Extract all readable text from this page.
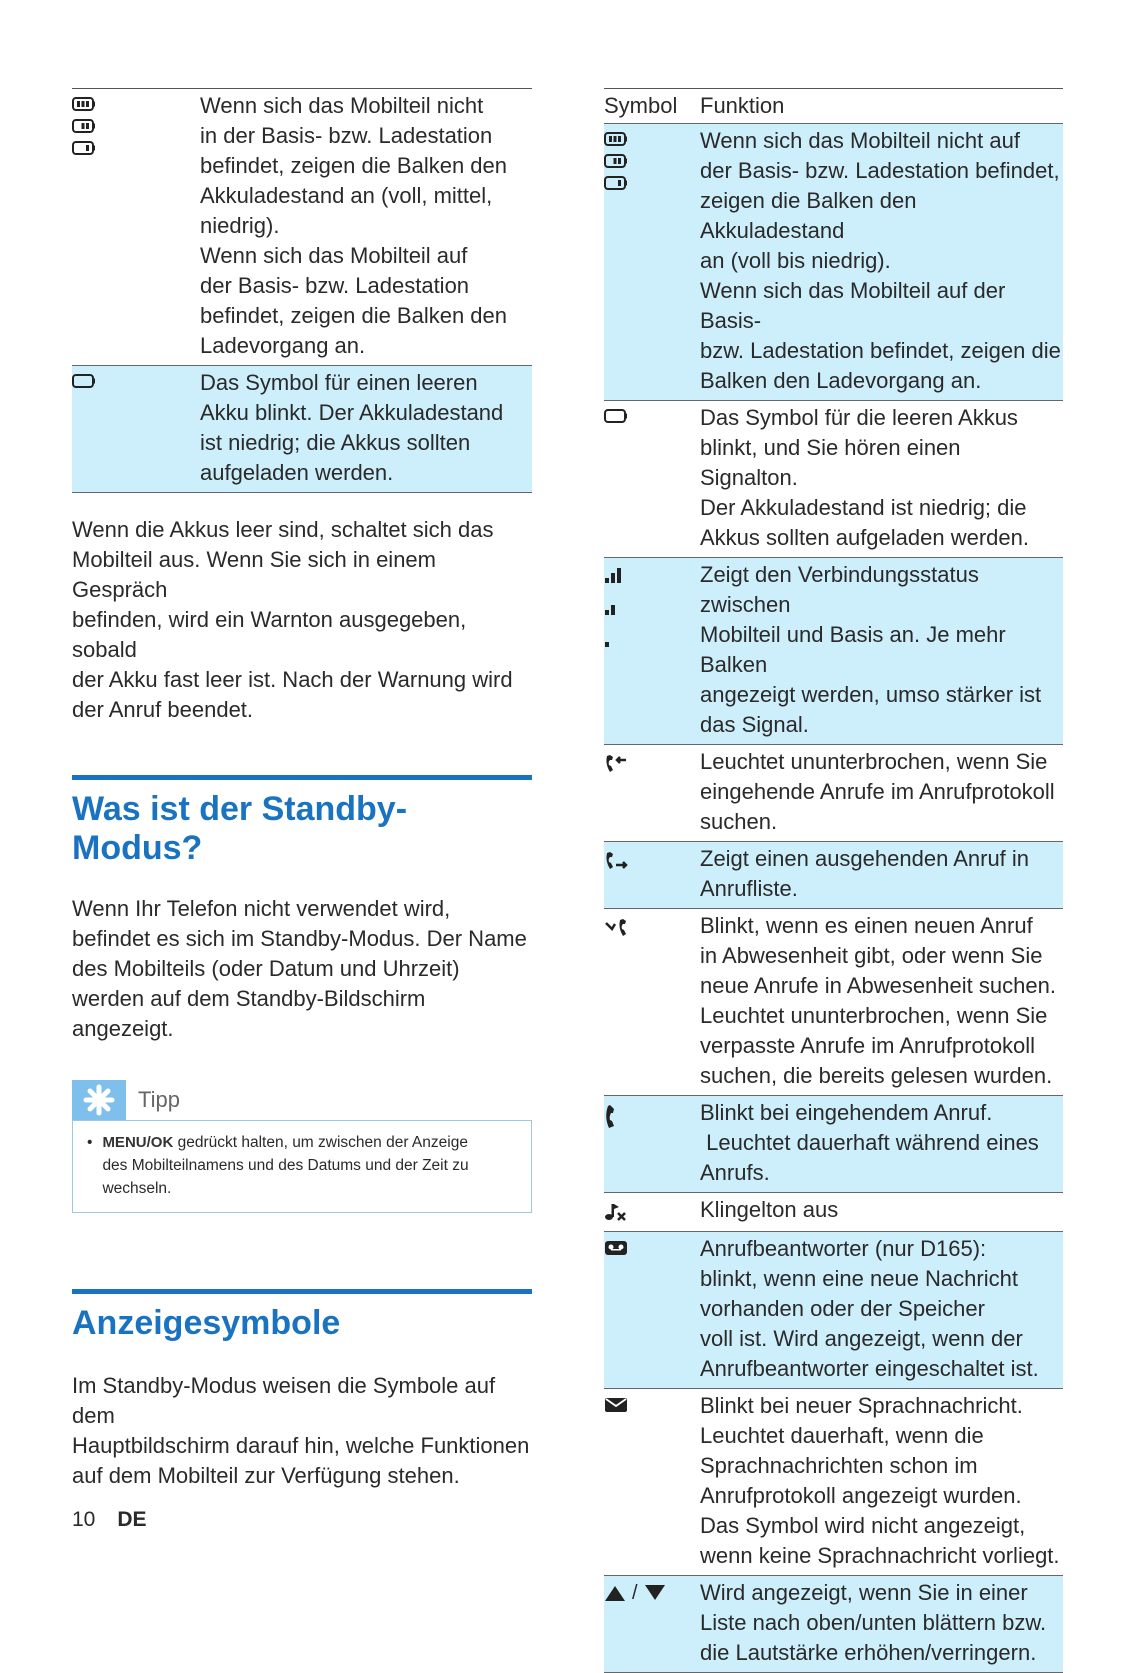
Wenn sich das Mobilteil nicht
in der Basis- bzw. Ladestation
befindet, zeigen die Balken den
Akkuladestand an (voll, mittel,
niedrig).
Wenn sich das Mobilteil auf
der Basis- bzw. Ladestation
befindet, zeigen die Balken den
Ladevorgang an.
Das Symbol für einen leeren
Akku blinkt. Der Akkuladestand
ist niedrig; die Akkus sollten
aufgeladen werden.

Wenn die Akkus leer sind, schaltet sich das

Mobilteil aus. Wenn Sie sich in einem Gespräch

befinden, wird ein Warnton ausgegeben, sobald

der Akku fast leer ist. Nach der Warnung wird

der Anruf beendet.

Was ist der Standby-Modus?

Wenn Ihr Telefon nicht verwendet wird,

befindet es sich im Standby-Modus. Der Name

des Mobilteils (oder Datum und Uhrzeit)

werden auf dem Standby-Bildschirm angezeigt.

Tipp
• MENU/OK gedrückt halten, um zwischen der Anzeige
des Mobilteilnamens und des Datums und der Zeit zu
wechseln.
Anzeigesymbole

Im Standby-Modus weisen die Symbole auf dem

Hauptbildschirm darauf hin, welche Funktionen

auf dem Mobilteil zur Verfügung stehen.

Symbol	Funktion
Wenn sich das Mobilteil nicht auf
der Basis- bzw. Ladestation befindet,
zeigen die Balken den Akkuladestand
an (voll bis niedrig).
Wenn sich das Mobilteil auf der Basis-
bzw. Ladestation befindet, zeigen die
Balken den Ladevorgang an.
Das Symbol für die leeren Akkus
blinkt, und Sie hören einen Signalton.
Der Akkuladestand ist niedrig; die
Akkus sollten aufgeladen werden.
Zeigt den Verbindungsstatus zwischen
Mobilteil und Basis an. Je mehr Balken
angezeigt werden, umso stärker ist
das Signal.
Leuchtet ununterbrochen, wenn Sie
eingehende Anrufe im Anrufprotokoll
suchen.
Zeigt einen ausgehenden Anruf in
Anrufliste.
Blinkt, wenn es einen neuen Anruf
in Abwesenheit gibt, oder wenn Sie
neue Anrufe in Abwesenheit suchen.
Leuchtet ununterbrochen, wenn Sie
verpasste Anrufe im Anrufprotokoll
suchen, die bereits gelesen wurden.
Blinkt bei eingehendem Anruf.
Leuchtet dauerhaft während eines
Anrufs.
Klingelton aus
Anrufbeantworter (nur D165):
blinkt, wenn eine neue Nachricht
vorhanden oder der Speicher
voll ist. Wird angezeigt, wenn der
Anrufbeantworter eingeschaltet ist.
Blinkt bei neuer Sprachnachricht.
Leuchtet dauerhaft, wenn die
Sprachnachrichten schon im
Anrufprotokoll angezeigt wurden.
Das Symbol wird nicht angezeigt,
wenn keine Sprachnachricht vorliegt.
/	Wird angezeigt, wenn Sie in einer
Liste nach oben/unten blättern bzw.
die Lautstärke erhöhen/verringern.
10 DE
